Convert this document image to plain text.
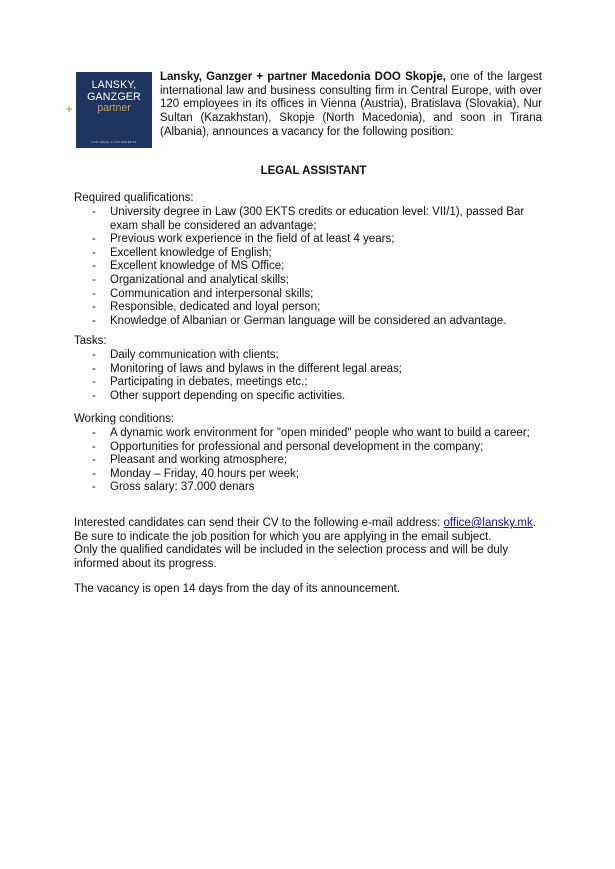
+
LANSKY,
GANZGER
partner
LGP LEGAL & TAX EXPERTS
Lansky, Ganzger + partner Macedonia DOO Skopje, one of the largest international law and business consulting firm in Central Europe, with over 120 employees in its offices in Vienna (Austria), Bratislava (Slovakia), Nur Sultan (Kazakhstan), Skopje (North Macedonia), and soon in Tirana (Albania), announces a vacancy for the following position:
LEGAL ASSISTANT
Required qualifications:
- University degree in Law (300 EKTS credits or education level: VII/1), passed Bar exam shall be considered an advantage;
- Previous work experience in the field of at least 4 years;
- Excellent knowledge of English;
- Excellent knowledge of MS Office;
- Organizational and analytical skills;
- Communication and interpersonal skills;
- Responsible, dedicated and loyal person;
- Knowledge of Albanian or German language will be considered an advantage.
Tasks:
- Daily communication with clients;
- Monitoring of laws and bylaws in the different legal areas;
- Participating in debates, meetings etc.;
- Other support depending on specific activities.
Working conditions:
- A dynamic work environment for "open minded" people who want to build a career;
- Opportunities for professional and personal development in the company;
- Pleasant and working atmosphere;
- Monday – Friday, 40 hours per week;
- Gross salary: 37.000 denars

Interested candidates can send their CV to the following e-mail address: office@lansky.mk.

Be sure to indicate the job position for which you are applying in the email subject.

Only the qualified candidates will be included in the selection process and will be duly informed about its progress.

The vacancy is open 14 days from the day of its announcement.
